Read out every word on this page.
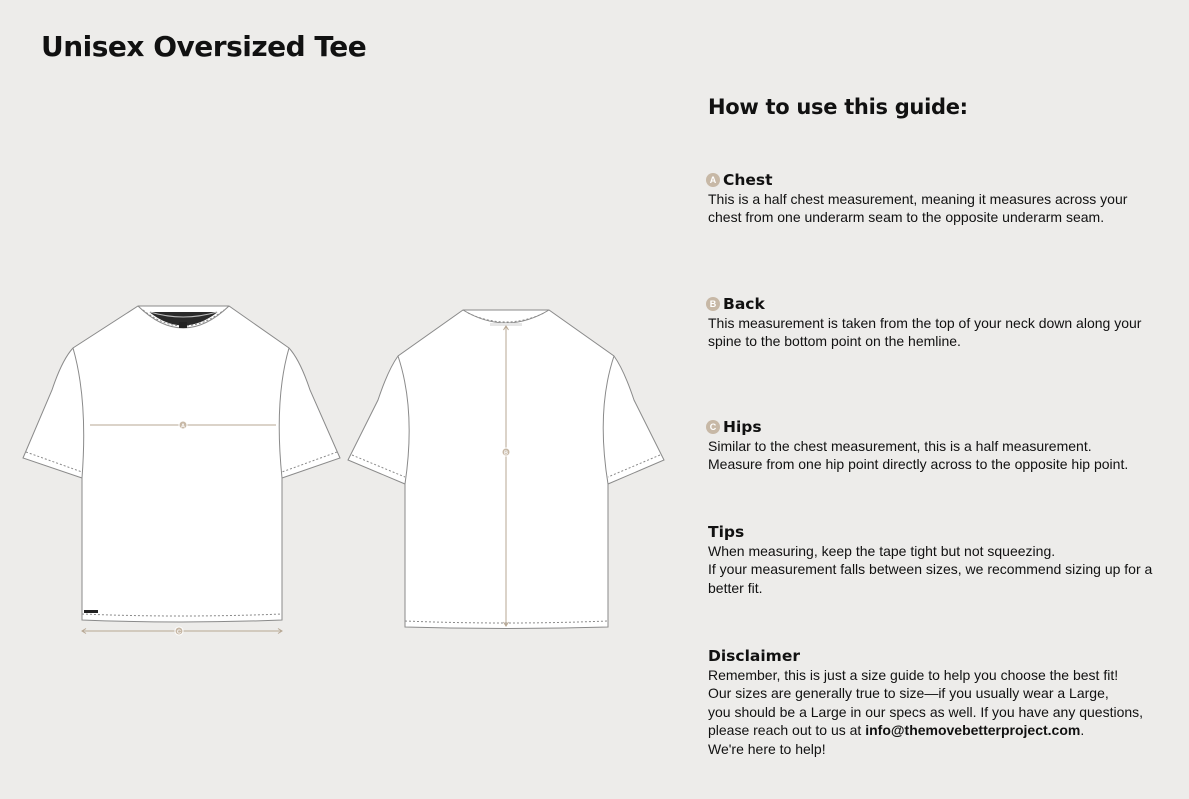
Unisex Oversized Tee
A
C
B
How to use this guide:
A Chest

This is a half chest measurement, meaning it measures across your

chest from one underarm seam to the opposite underarm seam.

B Back

This measurement is taken from the top of your neck down along your

spine to the bottom point on the hemline.

C Hips

Similar to the chest measurement, this is a half measurement.

Measure from one hip point directly across to the opposite hip point.

Tips

When measuring, keep the tape tight but not squeezing.

If your measurement falls between sizes, we recommend sizing up for a

better fit.

Disclaimer

Remember, this is just a size guide to help you choose the best fit!

Our sizes are generally true to size—if you usually wear a Large,

you should be a Large in our specs as well. If you have any questions,

please reach out to us at info@themovebetterproject.com.

We're here to help!
